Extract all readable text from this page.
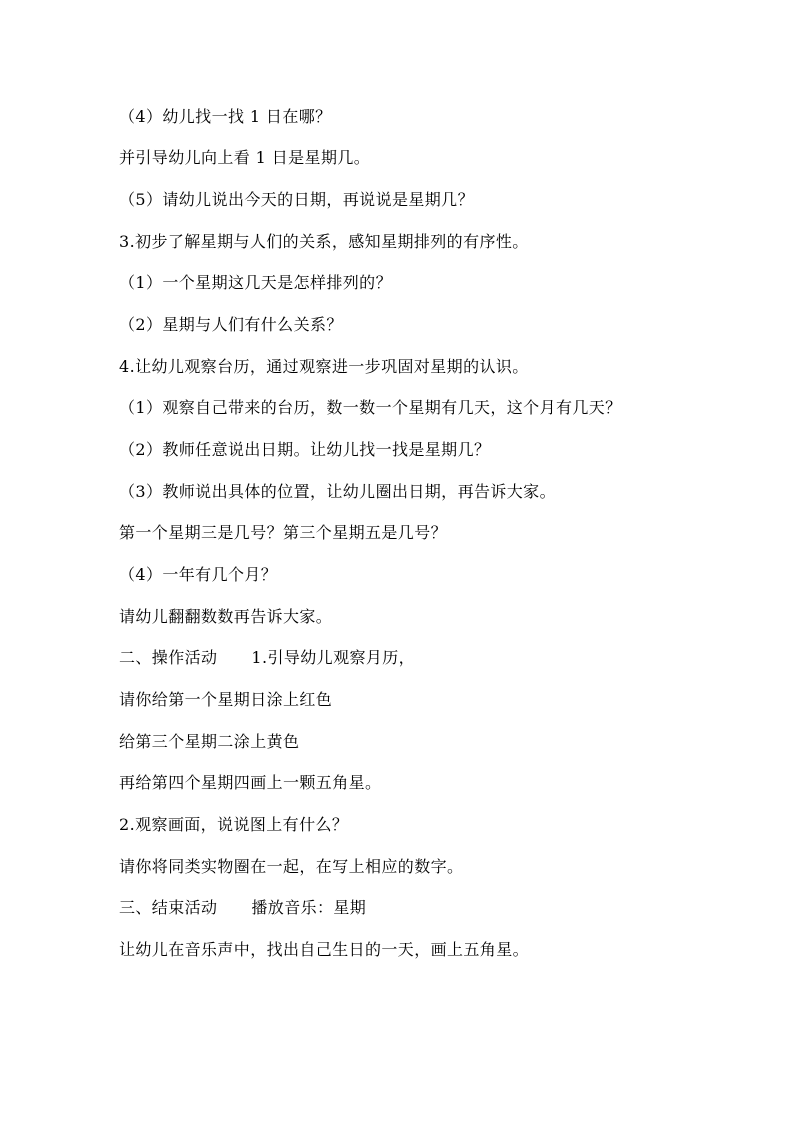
（4）幼儿找一找 1 日在哪？
并引导幼儿向上看 1 日是星期几。
（5）请幼儿说出今天的日期，再说说是星期几？
3.初步了解星期与人们的关系，感知星期排列的有序性。
（1）一个星期这几天是怎样排列的？
（2）星期与人们有什么关系？
4.让幼儿观察台历，通过观察进一步巩固对星期的认识。
（1）观察自己带来的台历，数一数一个星期有几天，这个月有几天？
（2）教师任意说出日期。让幼儿找一找是星期几？
（3）教师说出具体的位置，让幼儿圈出日期，再告诉大家。
第一个星期三是几号？第三个星期五是几号？
（4）一年有几个月？
请幼儿翻翻数数再告诉大家。
二、操作活动 1.引导幼儿观察月历，
请你给第一个星期日涂上红色
给第三个星期二涂上黄色
再给第四个星期四画上一颗五角星。
2.观察画面，说说图上有什么？
请你将同类实物圈在一起，在写上相应的数字。
三、结束活动 播放音乐：星期
让幼儿在音乐声中，找出自己生日的一天，画上五角星。
